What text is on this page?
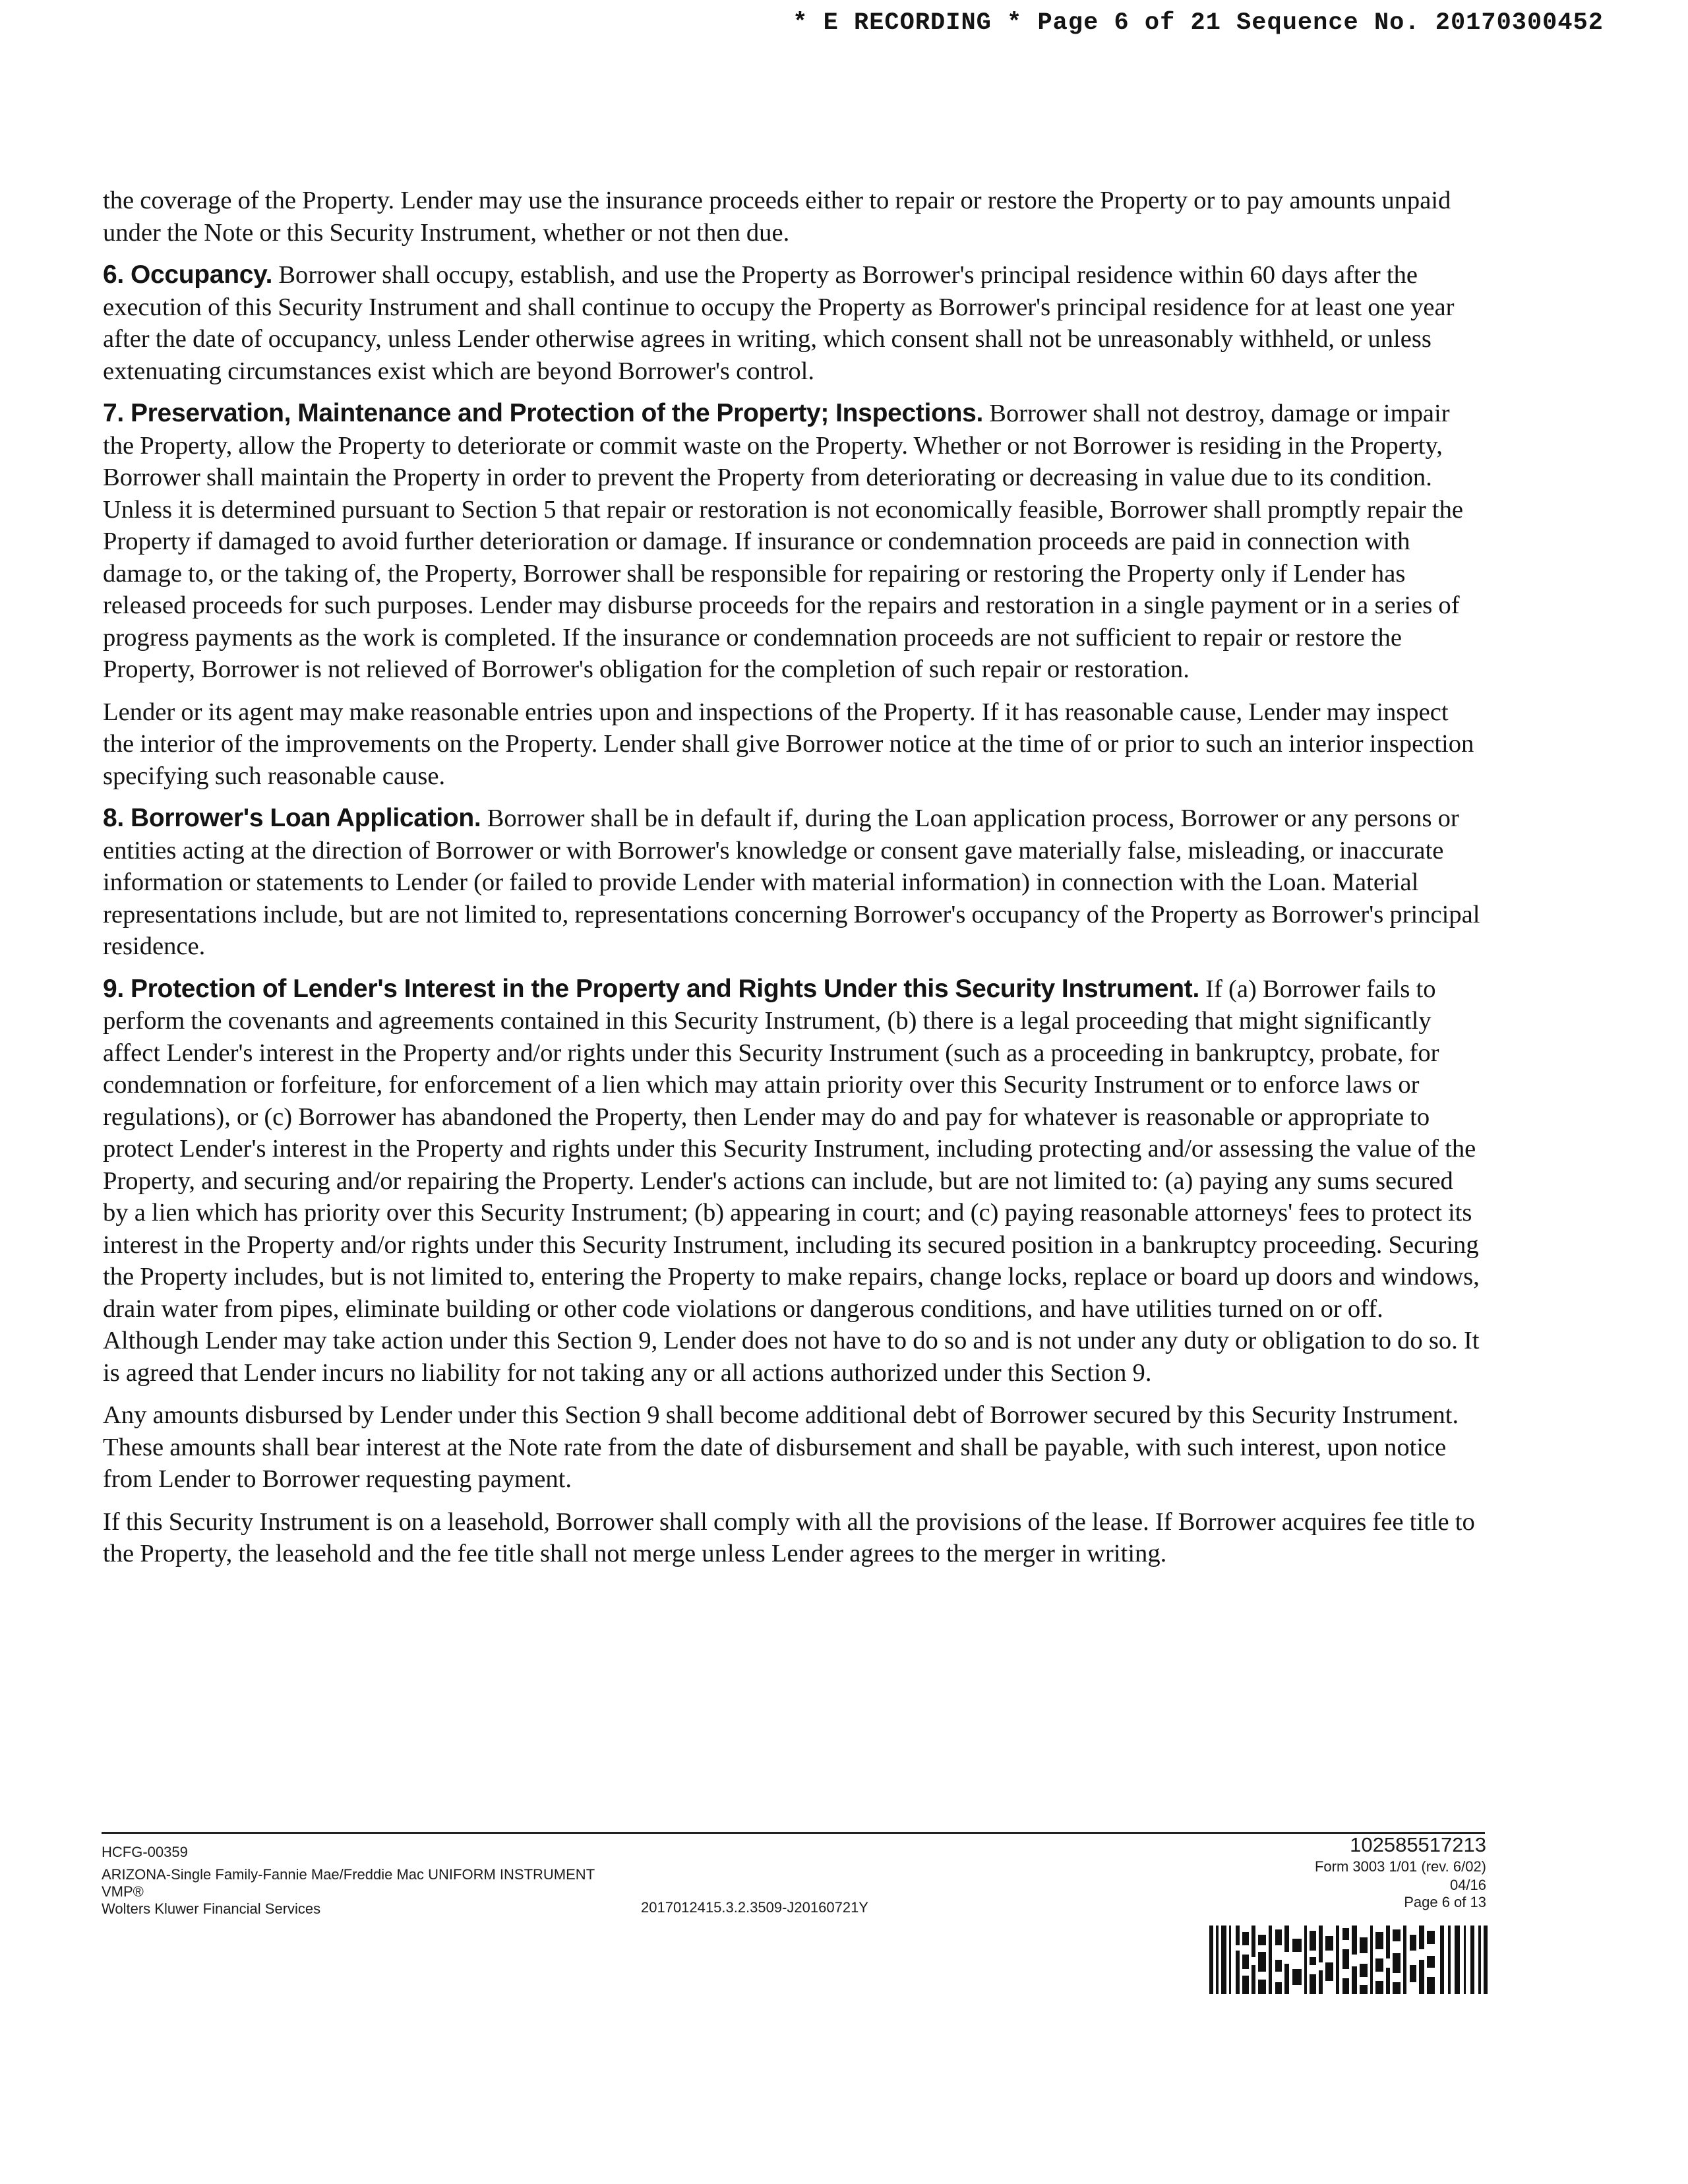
* E RECORDING * Page 6 of 21 Sequence No. 20170300452

the coverage of the Property. Lender may use the insurance proceeds either to repair or restore the Property or to pay amounts unpaid under the Note or this Security Instrument, whether or not then due.

6. Occupancy. Borrower shall occupy, establish, and use the Property as Borrower's principal residence within 60 days after the execution of this Security Instrument and shall continue to occupy the Property as Borrower's principal residence for at least one year after the date of occupancy, unless Lender otherwise agrees in writing, which consent shall not be unreasonably withheld, or unless extenuating circumstances exist which are beyond Borrower's control.

7. Preservation, Maintenance and Protection of the Property; Inspections. Borrower shall not destroy, damage or impair the Property, allow the Property to deteriorate or commit waste on the Property. Whether or not Borrower is residing in the Property, Borrower shall maintain the Property in order to prevent the Property from deteriorating or decreasing in value due to its condition. Unless it is determined pursuant to Section 5 that repair or restoration is not economically feasible, Borrower shall promptly repair the Property if damaged to avoid further deterioration or damage. If insurance or condemnation proceeds are paid in connection with damage to, or the taking of, the Property, Borrower shall be responsible for repairing or restoring the Property only if Lender has released proceeds for such purposes. Lender may disburse proceeds for the repairs and restoration in a single payment or in a series of progress payments as the work is completed. If the insurance or condemnation proceeds are not sufficient to repair or restore the Property, Borrower is not relieved of Borrower's obligation for the completion of such repair or restoration.

Lender or its agent may make reasonable entries upon and inspections of the Property. If it has reasonable cause, Lender may inspect the interior of the improvements on the Property. Lender shall give Borrower notice at the time of or prior to such an interior inspection specifying such reasonable cause.

8. Borrower's Loan Application. Borrower shall be in default if, during the Loan application process, Borrower or any persons or entities acting at the direction of Borrower or with Borrower's knowledge or consent gave materially false, misleading, or inaccurate information or statements to Lender (or failed to provide Lender with material information) in connection with the Loan. Material representations include, but are not limited to, representations concerning Borrower's occupancy of the Property as Borrower's principal residence.

9. Protection of Lender's Interest in the Property and Rights Under this Security Instrument. If (a) Borrower fails to perform the covenants and agreements contained in this Security Instrument, (b) there is a legal proceeding that might significantly affect Lender's interest in the Property and/or rights under this Security Instrument (such as a proceeding in bankruptcy, probate, for condemnation or forfeiture, for enforcement of a lien which may attain priority over this Security Instrument or to enforce laws or regulations), or (c) Borrower has abandoned the Property, then Lender may do and pay for whatever is reasonable or appropriate to protect Lender's interest in the Property and rights under this Security Instrument, including protecting and/or assessing the value of the Property, and securing and/or repairing the Property. Lender's actions can include, but are not limited to: (a) paying any sums secured by a lien which has priority over this Security Instrument; (b) appearing in court; and (c) paying reasonable attorneys' fees to protect its interest in the Property and/or rights under this Security Instrument, including its secured position in a bankruptcy proceeding. Securing the Property includes, but is not limited to, entering the Property to make repairs, change locks, replace or board up doors and windows, drain water from pipes, eliminate building or other code violations or dangerous conditions, and have utilities turned on or off. Although Lender may take action under this Section 9, Lender does not have to do so and is not under any duty or obligation to do so. It is agreed that Lender incurs no liability for not taking any or all actions authorized under this Section 9.

Any amounts disbursed by Lender under this Section 9 shall become additional debt of Borrower secured by this Security Instrument. These amounts shall bear interest at the Note rate from the date of disbursement and shall be payable, with such interest, upon notice from Lender to Borrower requesting payment.

If this Security Instrument is on a leasehold, Borrower shall comply with all the provisions of the lease. If Borrower acquires fee title to the Property, the leasehold and the fee title shall not merge unless Lender agrees to the merger in writing.

HCFG-00359
ARIZONA-Single Family-Fannie Mae/Freddie Mac UNIFORM INSTRUMENT
VMP®
Wolters Kluwer Financial Services	2017012415.3.2.3509-J20160721Y
102585517213
Form 3003 1/01 (rev. 6/02)
04/16
Page 6 of 13
